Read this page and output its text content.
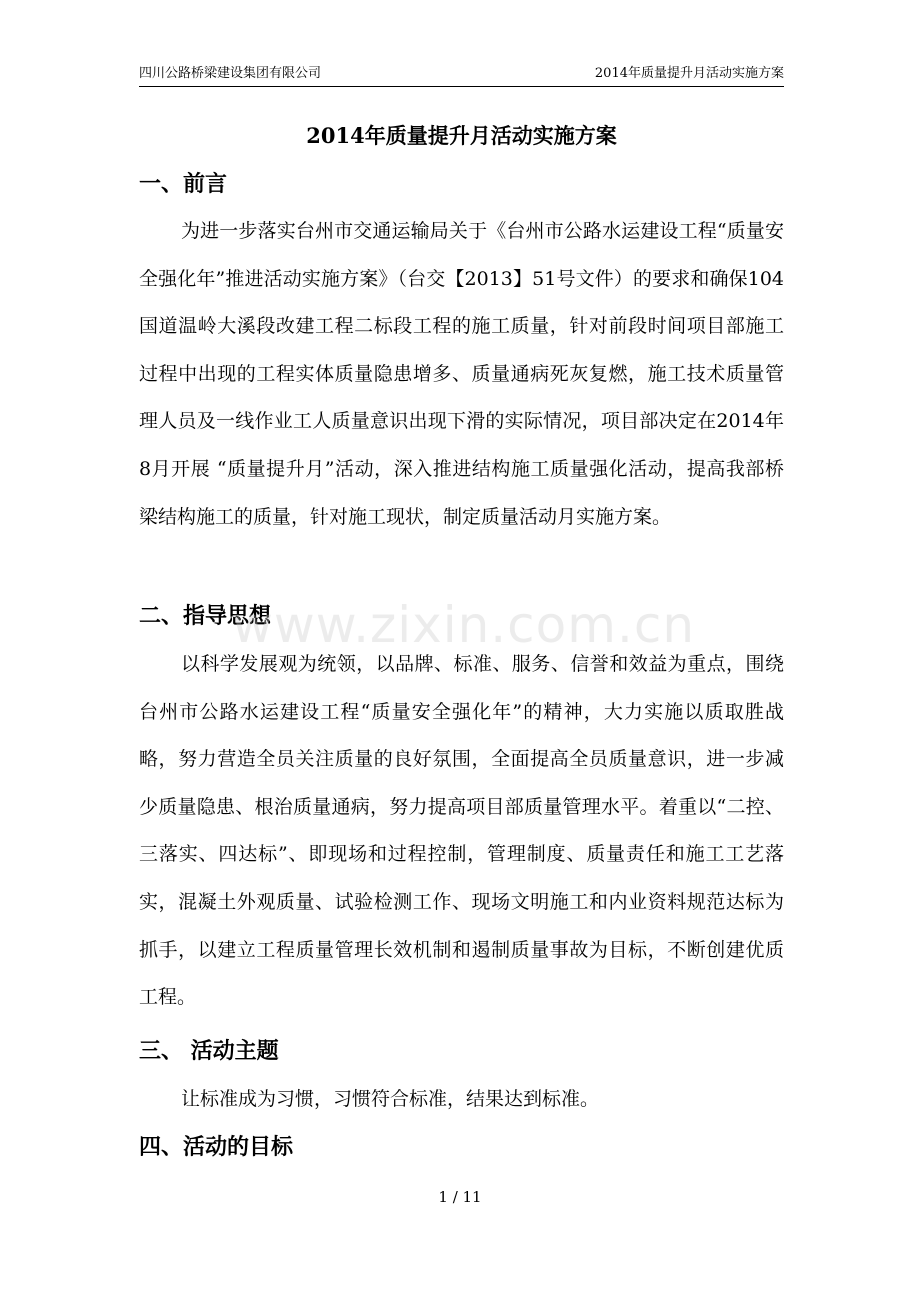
四川公路桥梁建设集团有限公司	2014年质量提升月活动实施方案
2014年质量提升月活动实施方案
一、前言

为进一步落实台州市交通运输局关于《台州市公路水运建设工程“质量安全强化年”推进活动实施方案》（台交【2013】51号文件）的要求和确保104国道温岭大溪段改建工程二标段工程的施工质量，针对前段时间项目部施工过程中出现的工程实体质量隐患增多、质量通病死灰复燃，施工技术质量管理人员及一线作业工人质量意识出现下滑的实际情况，项目部决定在2014年8月开展 “质量提升月”活动，深入推进结构施工质量强化活动，提高我部桥梁结构施工的质量，针对施工现状，制定质量活动月实施方案。

二、指导思想

以科学发展观为统领，以品牌、标准、服务、信誉和效益为重点，围绕台州市公路水运建设工程“质量安全强化年”的精神，大力实施以质取胜战略，努力营造全员关注质量的良好氛围，全面提高全员质量意识，进一步减少质量隐患、根治质量通病，努力提高项目部质量管理水平。着重以“二控、三落实、四达标”、即现场和过程控制，管理制度、质量责任和施工工艺落实，混凝土外观质量、试验检测工作、现场文明施工和内业资料规范达标为抓手，以建立工程质量管理长效机制和遏制质量事故为目标，不断创建优质工程。

三、 活动主题

让标准成为习惯，习惯符合标准，结果达到标准。

四、活动的目标
www.zixin.com.cn
1 / 11
